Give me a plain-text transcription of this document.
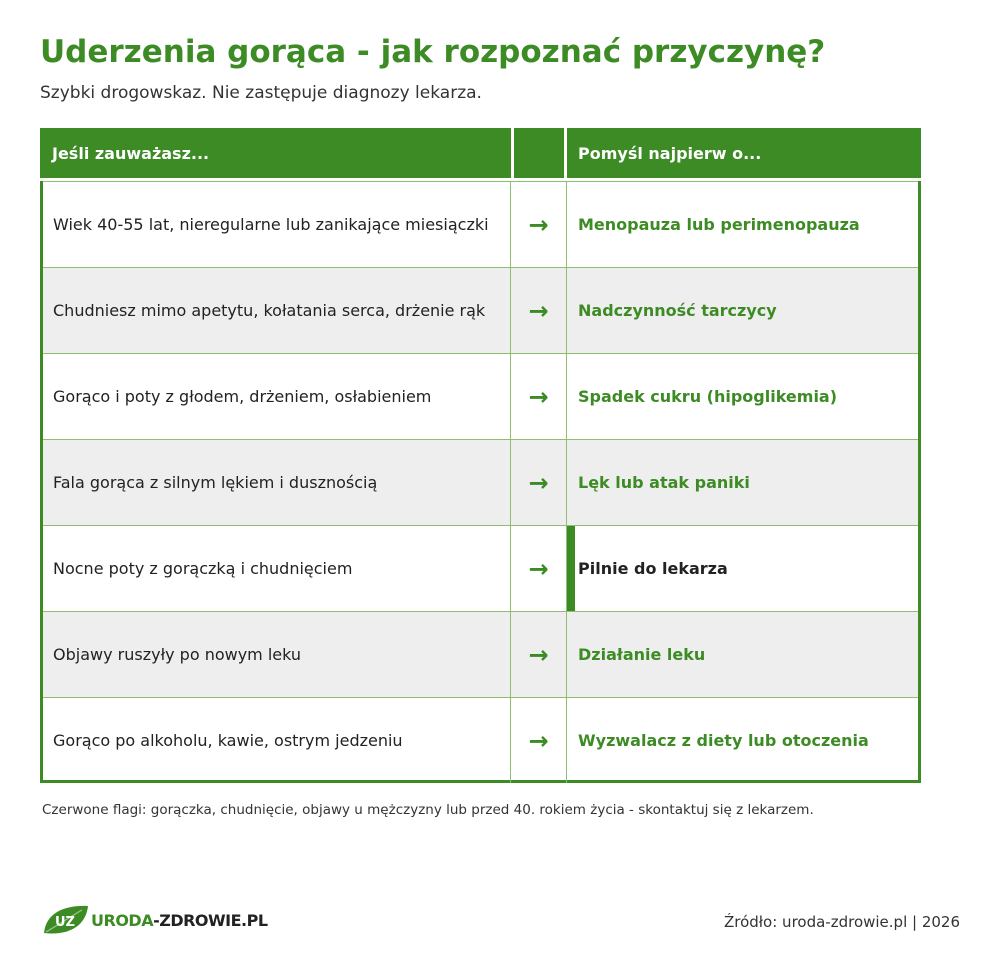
Uderzenia gorąca - jak rozpoznać przyczynę?
Szybki drogowskaz. Nie zastępuje diagnozy lekarza.
Jeśli zauważasz...	Pomyśl najpierw o...
Wiek 40-55 lat, nieregularne lub zanikające miesiączki	→	Menopauza lub perimenopauza
Chudniesz mimo apetytu, kołatania serca, drżenie rąk	→	Nadczynność tarczycy
Gorąco i poty z głodem, drżeniem, osłabieniem	→	Spadek cukru (hipoglikemia)
Fala gorąca z silnym lękiem i dusznością	→	Lęk lub atak paniki
Nocne poty z gorączką i chudnięciem	→	Pilnie do lekarza
Objawy ruszyły po nowym leku	→	Działanie leku
Gorąco po alkoholu, kawie, ostrym jedzeniu	→	Wyzwalacz z diety lub otoczenia
Czerwone flagi: gorączka, chudnięcie, objawy u mężczyzny lub przed 40. rokiem życia - skontaktuj się z lekarzem.
UZ URODA-ZDROWIE.PL	Źródło: uroda-zdrowie.pl | 2026
